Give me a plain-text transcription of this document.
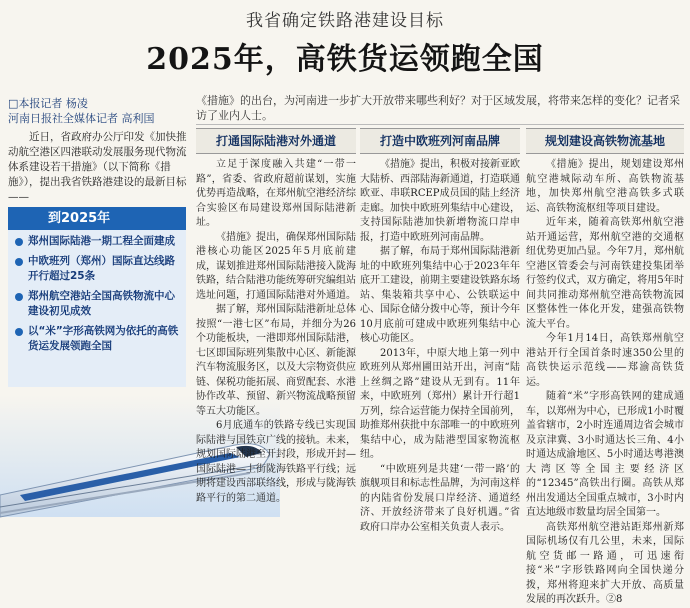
我省确定铁路港建设目标
2025年，高铁货运领跑全国
□本报记者 杨凌
河南日报社全媒体记者 高利国
《措施》的出台，为河南进一步扩大开放带来哪些利好？对于区域发展，将带来怎样的变化？记者采访了业内人士。

近日，省政府办公厅印发《加快推动航空港区四港联动发展服务现代物流体系建设若干措施》（以下简称《措施》），提出我省铁路港建设的最新目标——

到2025年
郑州国际陆港一期工程全面建成
中欧班列（郑州）国际直达线路开行超过25条
郑州航空港站全国高铁物流中心建设初见成效
以“米”字形高铁网为依托的高铁货运发展领跑全国
打通国际陆港对外通道

立足于深度融入共建“一带一路”，省委、省政府超前谋划，实施优势再造战略，在郑州航空港经济综合实验区布局建设郑州国际陆港新址。

《措施》提出，确保郑州国际陆港核心功能区2025年5月底前建成，谋划推进郑州国际陆港接入陇海铁路，结合陆港功能统筹研究编组站选址问题，打通国际陆港对外通道。

据了解，郑州国际陆港新址总体按照“一港七区”布局，并细分为26个功能板块，一港即郑州国际陆港，七区即国际班列集散中心区、新能源汽车物流服务区，以及大宗物资供应链、保税功能拓展、商贸配套、水港协作改革、预留、新兴物流战略预留等五大功能区。

6月底通车的铁路专线已实现国际陆港与国铁京广线的接轨。未来，规划国际陆港至开封段，形成开封—国际陆港—上街陇海铁路平行线；远期将建设西部联络线，形成与陇海铁路平行的第二通道。

打造中欧班列河南品牌

《措施》提出，积极对接新亚欧大陆桥、西部陆海新通道，打造联通欧亚、串联RCEP成员国的陆上经济走廊。加快中欧班列集结中心建设，支持国际陆港加快新增物流口岸申报，打造中欧班列河南品牌。

据了解，布局于郑州国际陆港新址的中欧班列集结中心于2023年年底开工建设，前期主要建设铁路东场站、集装箱共享中心、公铁联运中心、国际仓储分拨中心等，预计今年10月底前可建成中欧班列集结中心核心功能区。

2013年，中原大地上第一列中欧班列从郑州圃田站开出，河南“陆上丝绸之路”建设从无到有。11年来，中欧班列（郑州）累计开行超1万列，综合运营能力保持全国前列，助推郑州获批中东部唯一的中欧班列集结中心，成为陆港型国家物流枢纽。

“中欧班列是共建‘一带一路’的旗舰项目和标志性品牌，为河南这样的内陆省份发展口岸经济、通道经济、开放经济带来了良好机遇。”省政府口岸办公室相关负责人表示。

规划建设高铁物流基地

《措施》提出，规划建设郑州航空港城际动车所、高铁物流基地，加快郑州航空港高铁多式联运、高铁物流枢纽等项目建设。

近年来，随着高铁郑州航空港站开通运营，郑州航空港的交通枢纽优势更加凸显。今年7月，郑州航空港区管委会与河南铁建投集团举行签约仪式，双方确定，将用5年时间共同推动郑州航空港高铁物流园区整体性一体化开发，建强高铁物流大平台。

今年1月14日，高铁郑州航空港站开行全国首条时速350公里的高铁快运示范线——郑渝高铁货运。

随着“米”字形高铁网的建成通车，以郑州为中心，已形成1小时覆盖省辖市，2小时连通周边省会城市及京津冀、3小时通达长三角、4小时通达成渝地区、5小时通达粤港澳大湾区等全国主要经济区的“12345”高铁出行圈。高铁从郑州出发通达全国重点城市，3小时内直达地级市数量均居全国第一。

高铁郑州航空港站距郑州新郑国际机场仅有几公里，未来，国际航空货邮一路通，可迅速衔接“米”字形铁路网向全国快递分拨，郑州将迎来扩大开放、高质量发展的再次跃升。②8
